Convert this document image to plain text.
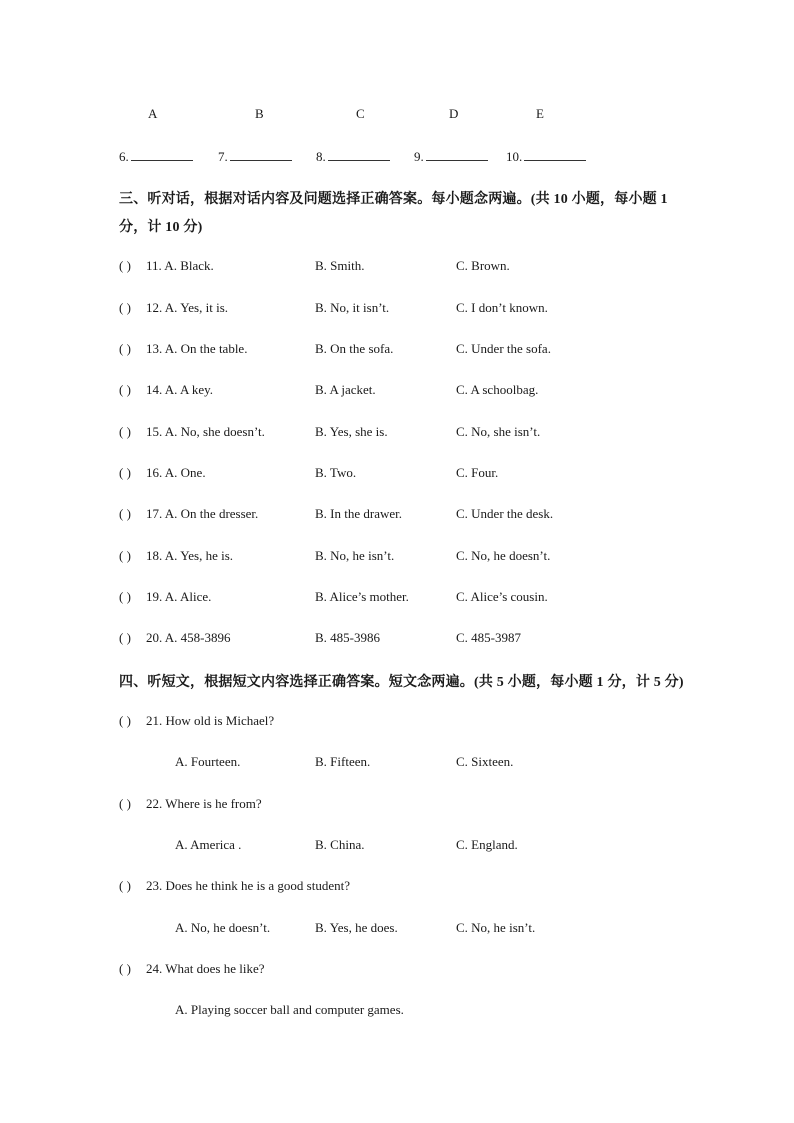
A	B	C	D	E
6.	7.	8.	9.	10.
三、听对话，根据对话内容及问题选择正确答案。每小题念两遍。(共 10 小题，每小题 1
分，计 10 分)
( ) 11. A. Black.	B. Smith.	C. Brown.
( ) 12. A. Yes, it is.	B. No, it isn’t.	C. I don’t known.
( ) 13. A. On the table.	B. On the sofa.	C. Under the sofa.
( ) 14. A. A key.	B. A jacket.	C. A schoolbag.
( ) 15. A. No, she doesn’t.	B. Yes, she is.	C. No, she isn’t.
( ) 16. A. One.	B. Two.	C. Four.
( ) 17. A. On the dresser.	B. In the drawer.	C. Under the desk.
( ) 18. A. Yes, he is.	B. No, he isn’t.	C. No, he doesn’t.
( ) 19. A. Alice.	B. Alice’s mother.	C. Alice’s cousin.
( ) 20. A. 458-3896	B. 485-3986	C. 485-3987
四、听短文，根据短文内容选择正确答案。短文念两遍。(共 5 小题，每小题 1 分，计 5 分)
( ) 21. How old is Michael?
A. Fourteen.	B. Fifteen.	C. Sixteen.
( ) 22. Where is he from?
A. America .	B. China.	C. England.
( ) 23. Does he think he is a good student?
A. No, he doesn’t.	B. Yes, he does.	C. No, he isn’t.
( ) 24. What does he like?
A. Playing soccer ball and computer games.
